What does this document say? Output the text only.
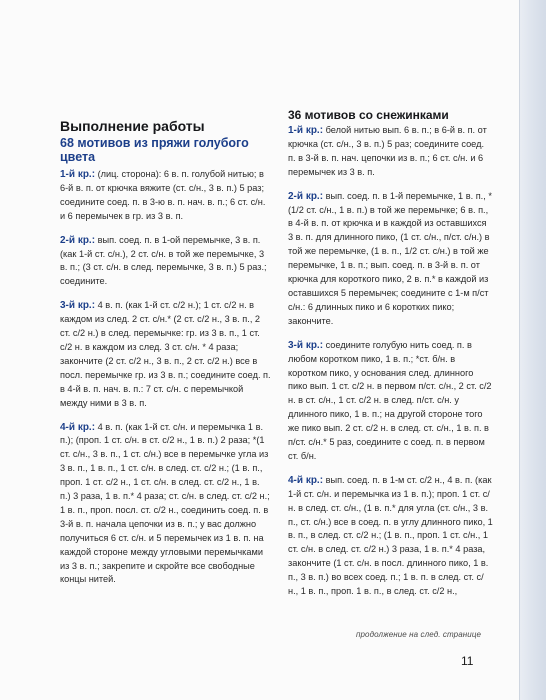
Выполнение работы
68 мотивов из пряжи голубого цвета

1-й кр.: (лиц. сторона): 6 в. п. голубой нитью; в 6-й в. п. от крючка вяжите (ст. с/н., 3 в. п.) 5 раз; соедините соед. п. в 3-ю в. п. нач. в. п.; 6 ст. с/н. и 6 перемычек в гр. из 3 в. п.

2-й кр.: вып. соед. п. в 1-ой перемычке, 3 в. п. (как 1-й ст. с/н.), 2 ст. с/н. в той же перемычке, 3 в. п.; (3 ст. с/н. в след. перемычке, 3 в. п.) 5 раз.; соедините.

3-й кр.: 4 в. п. (как 1-й ст. с/2 н.); 1 ст. с/2 н. в каждом из след. 2 ст. с/н.* (2 ст. с/2 н., 3 в. п., 2 ст. с/2 н.) в след. перемычке: гр. из 3 в. п., 1 ст. с/2 н. в каждом из след. 3 ст. с/н. * 4 раза; закончите (2 ст. с/2 н., 3 в. п., 2 ст. с/2 н.) все в посл. перемычке гр. из 3 в. п.; соедините соед. п. в 4-й в. п. нач. в. п.: 7 ст. с/н. с перемычкой между ними в 3 в. п.

4-й кр.: 4 в. п. (как 1-й ст. с/н. и перемычка 1 в. п.); (проп. 1 ст. с/н. в ст. с/2 н., 1 в. п.) 2 раза; *(1 ст. с/н., 3 в. п., 1 ст. с/н.) все в перемычке угла из 3 в. п., 1 в. п., 1 ст. с/н. в след. ст. с/2 н.; (1 в. п., проп. 1 ст. с/2 н., 1 ст. с/н. в след. ст. с/2 н., 1 в. п.) 3 раза, 1 в. п.* 4 раза; ст. с/н. в след. ст. с/2 н.; 1 в. п., проп. посл. ст. с/2 н., соединить соед. п. в 3-й в. п. начала цепочки из в. п.; у вас должно получиться 6 ст. с/н. и 5 перемычек из 1 в. п. на каждой стороне между угловыми перемычками из 3 в. п.; закрепите и скройте все свободные концы нитей.

36 мотивов со снежинками

1-й кр.: белой нитью вып. 6 в. п.; в 6-й в. п. от крючка (ст. с/н., 3 в. п.) 5 раз; соедините соед. п. в 3-й в. п. нач. цепочки из в. п.; 6 ст. с/н. и 6 перемычек из 3 в. п.

2-й кр.: вып. соед. п. в 1-й перемычке, 1 в. п., *(1/2 ст. с/н., 1 в. п.) в той же перемычке; 6 в. п., в 4-й в. п. от крючка и в каждой из оставшихся 3 в. п. для длинного пико, (1 ст. с/н., п/ст. с/н.) в той же перемычке, (1 в. п., 1/2 ст. с/н.) в той же перемычке, 1 в. п.; вып. соед. п. в 3-й в. п. от крючка для короткого пико, 2 в. п.* в каждой из оставшихся 5 перемычек; соедините с 1-м п/ст с/н.: 6 длинных пико и 6 коротких пико; закончите.

3-й кр.: соедините голубую нить соед. п. в любом коротком пико, 1 в. п.; *ст. б/н. в коротком пико, у основания след. длинного пико вып. 1 ст. с/2 н. в первом п/ст. с/н., 2 ст. с/2 н. в ст. с/н., 1 ст. с/2 н. в след. п/ст. с/н. у длинного пико, 1 в. п.; на другой стороне того же пико вып. 2 ст. с/2 н. в след. ст. с/н., 1 в. п. в п/ст. с/н.* 5 раз, соедините с соед. п. в первом ст. б/н.

4-й кр.: вып. соед. п. в 1-м ст. с/2 н., 4 в. п. (как 1-й ст. с/н. и перемычка из 1 в. п.); проп. 1 ст. с/н. в след. ст. с/н., (1 в. п.* для угла (ст. с/н., 3 в. п., ст. с/н.) все в соед. п. в углу длинного пико, 1 в. п., в след. ст. с/2 н.; (1 в. п., проп. 1 ст. с/н., 1 ст. с/н. в след. ст. с/2 н.) 3 раза, 1 в. п.* 4 раза, закончите (1 ст. с/н. в посл. длинного пико, 1 в. п., 3 в. п.) во всех соед. п.; 1 в. п. в след. ст. с/н., 1 в. п., проп. 1 в. п., в след. ст. с/2 н.,

продолжение на след. странице
11
